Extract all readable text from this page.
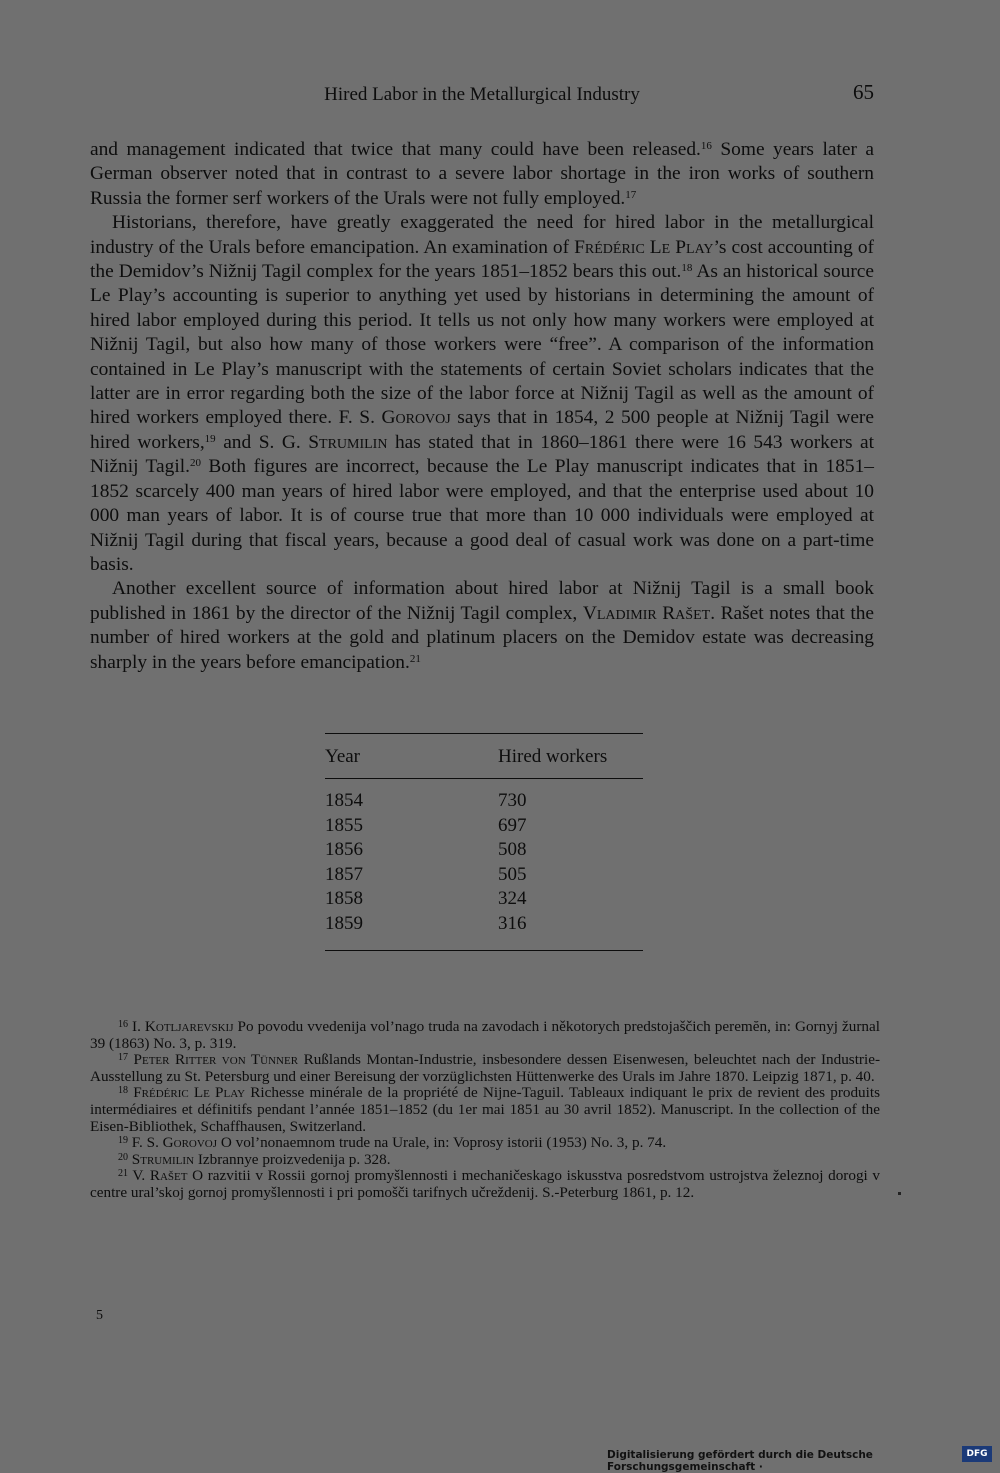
Hired Labor in the Metallurgical Industry	65

and management indicated that twice that many could have been released.$^{16}$ Some years later a German observer noted that in contrast to a severe labor shortage in the iron works of southern Russia the former serf workers of the Urals were not fully employed.$^{17}$

Historians, therefore, have greatly exaggerated the need for hired labor in the metallurgical industry of the Urals before emancipation. An examination of Frédéric Le Play’s cost accounting of the Demidov’s Nižnij Tagil complex for the years 1851–1852 bears this out.$^{18}$ As an historical source Le Play’s accounting is superior to anything yet used by historians in determining the amount of hired labor employed during this period. It tells us not only how many workers were employed at Nižnij Tagil, but also how many of those workers were “free”. A comparison of the information contained in Le Play’s manuscript with the statements of certain Soviet scholars indicates that the latter are in error regarding both the size of the labor force at Nižnij Tagil as well as the amount of hired workers employed there. F. S. Gorovoj says that in 1854, 2 500 people at Nižnij Tagil were hired workers,$^{19}$ and S. G. Strumilin has stated that in 1860–1861 there were 16 543 workers at Nižnij Tagil.$^{20}$ Both figures are incorrect, because the Le Play manuscript indicates that in 1851–1852 scarcely 400 man years of hired labor were employed, and that the enterprise used about 10 000 man years of labor. It is of course true that more than 10 000 individuals were employed at Nižnij Tagil during that fiscal years, because a good deal of casual work was done on a part-time basis.

Another excellent source of information about hired labor at Nižnij Tagil is a small book published in 1861 by the director of the Nižnij Tagil complex, Vladimir Rašet. Rašet notes that the number of hired workers at the gold and platinum placers on the Demidov estate was decreasing sharply in the years before emancipation.$^{21}$

Year	Hired workers
1854	730
1855	697
1856	508
1857	505
1858	324
1859	316

$^{16}$ I. Kotljarevskij Po povodu vvedenija vol’nago truda na zavodach i někotorych predstojaščich peremĕn, in: Gornyj žurnal 39 (1863) No. 3, p. 319.

$^{17}$ Peter Ritter von Tünner Rußlands Montan-Industrie, insbesondere dessen Eisenwesen, beleuchtet nach der Industrie-Ausstellung zu St. Petersburg und einer Bereisung der vorzüglichsten Hüttenwerke des Urals im Jahre 1870. Leipzig 1871, p. 40.

$^{18}$ Frédéric Le Play Richesse minérale de la propriété de Nijne-Taguil. Tableaux indiquant le prix de revient des produits intermédiaires et définitifs pendant l’année 1851–1852 (du 1er mai 1851 au 30 avril 1852). Manuscript. In the collection of the Eisen-Bibliothek, Schaffhausen, Switzerland.

$^{19}$ F. S. Gorovoj O vol’nonaemnom trude na Urale, in: Voprosy istorii (1953) No. 3, p. 74.

$^{20}$ Strumilin Izbrannye proizvedenija p. 328.

$^{21}$ V. Rašet O razvitii v Rossii gornoj promyšlennosti i mechaničeskago iskusstva posredstvom ustrojstva železnoj dorogi v centre ural’skoj gornoj promyšlennosti i pri pomošči tarifnych učreždenij. S.-Peterburg 1861, p. 12.

5
Digitalisierung gefördert durch die Deutsche Forschungsgemeinschaft ·
DFG
